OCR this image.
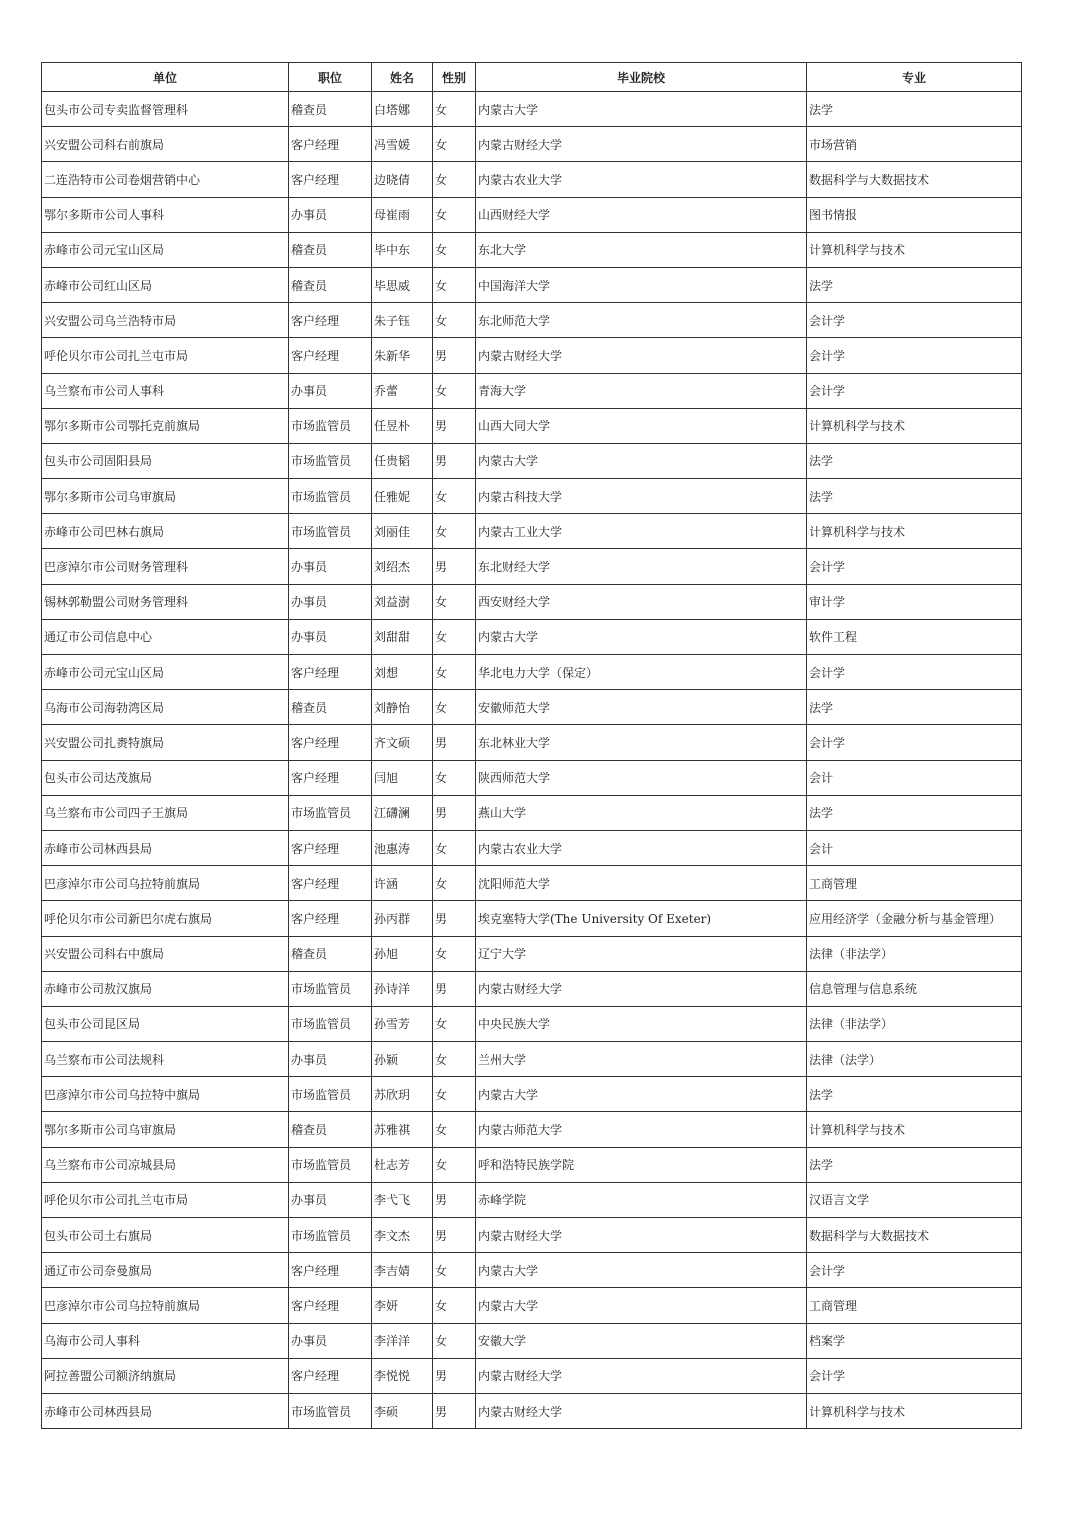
单位	职位	姓名	性别	毕业院校	专业
包头市公司专卖监督管理科	稽查员	白塔娜	女	内蒙古大学	法学
兴安盟公司科右前旗局	客户经理	冯雪媛	女	内蒙古财经大学	市场营销
二连浩特市公司卷烟营销中心	客户经理	边晓倩	女	内蒙古农业大学	数据科学与大数据技术
鄂尔多斯市公司人事科	办事员	母崔雨	女	山西财经大学	图书情报
赤峰市公司元宝山区局	稽查员	毕中东	女	东北大学	计算机科学与技术
赤峰市公司红山区局	稽查员	毕思威	女	中国海洋大学	法学
兴安盟公司乌兰浩特市局	客户经理	朱子钰	女	东北师范大学	会计学
呼伦贝尔市公司扎兰屯市局	客户经理	朱新华	男	内蒙古财经大学	会计学
乌兰察布市公司人事科	办事员	乔蕾	女	青海大学	会计学
鄂尔多斯市公司鄂托克前旗局	市场监管员	任昱朴	男	山西大同大学	计算机科学与技术
包头市公司固阳县局	市场监管员	任贵韬	男	内蒙古大学	法学
鄂尔多斯市公司乌审旗局	市场监管员	任雅妮	女	内蒙古科技大学	法学
赤峰市公司巴林右旗局	市场监管员	刘丽佳	女	内蒙古工业大学	计算机科学与技术
巴彦淖尔市公司财务管理科	办事员	刘绍杰	男	东北财经大学	会计学
锡林郭勒盟公司财务管理科	办事员	刘益澍	女	西安财经大学	审计学
通辽市公司信息中心	办事员	刘甜甜	女	内蒙古大学	软件工程
赤峰市公司元宝山区局	客户经理	刘想	女	华北电力大学（保定）	会计学
乌海市公司海勃湾区局	稽查员	刘静怡	女	安徽师范大学	法学
兴安盟公司扎赉特旗局	客户经理	齐文硕	男	东北林业大学	会计学
包头市公司达茂旗局	客户经理	闫旭	女	陕西师范大学	会计
乌兰察布市公司四子王旗局	市场监管员	江礴澜	男	燕山大学	法学
赤峰市公司林西县局	客户经理	池惠涛	女	内蒙古农业大学	会计
巴彦淖尔市公司乌拉特前旗局	客户经理	许涵	女	沈阳师范大学	工商管理
呼伦贝尔市公司新巴尔虎右旗局	客户经理	孙丙群	男	埃克塞特大学(The University Of Exeter)	应用经济学（金融分析与基金管理）
兴安盟公司科右中旗局	稽查员	孙旭	女	辽宁大学	法律（非法学）
赤峰市公司敖汉旗局	市场监管员	孙诗洋	男	内蒙古财经大学	信息管理与信息系统
包头市公司昆区局	市场监管员	孙雪芳	女	中央民族大学	法律（非法学）
乌兰察布市公司法规科	办事员	孙颖	女	兰州大学	法律（法学）
巴彦淖尔市公司乌拉特中旗局	市场监管员	苏欣玥	女	内蒙古大学	法学
鄂尔多斯市公司乌审旗局	稽查员	苏雅祺	女	内蒙古师范大学	计算机科学与技术
乌兰察布市公司凉城县局	市场监管员	杜志芳	女	呼和浩特民族学院	法学
呼伦贝尔市公司扎兰屯市局	办事员	李弋飞	男	赤峰学院	汉语言文学
包头市公司土右旗局	市场监管员	李文杰	男	内蒙古财经大学	数据科学与大数据技术
通辽市公司奈曼旗局	客户经理	李吉婧	女	内蒙古大学	会计学
巴彦淖尔市公司乌拉特前旗局	客户经理	李妍	女	内蒙古大学	工商管理
乌海市公司人事科	办事员	李洋洋	女	安徽大学	档案学
阿拉善盟公司额济纳旗局	客户经理	李悦悦	男	内蒙古财经大学	会计学
赤峰市公司林西县局	市场监管员	李硕	男	内蒙古财经大学	计算机科学与技术
